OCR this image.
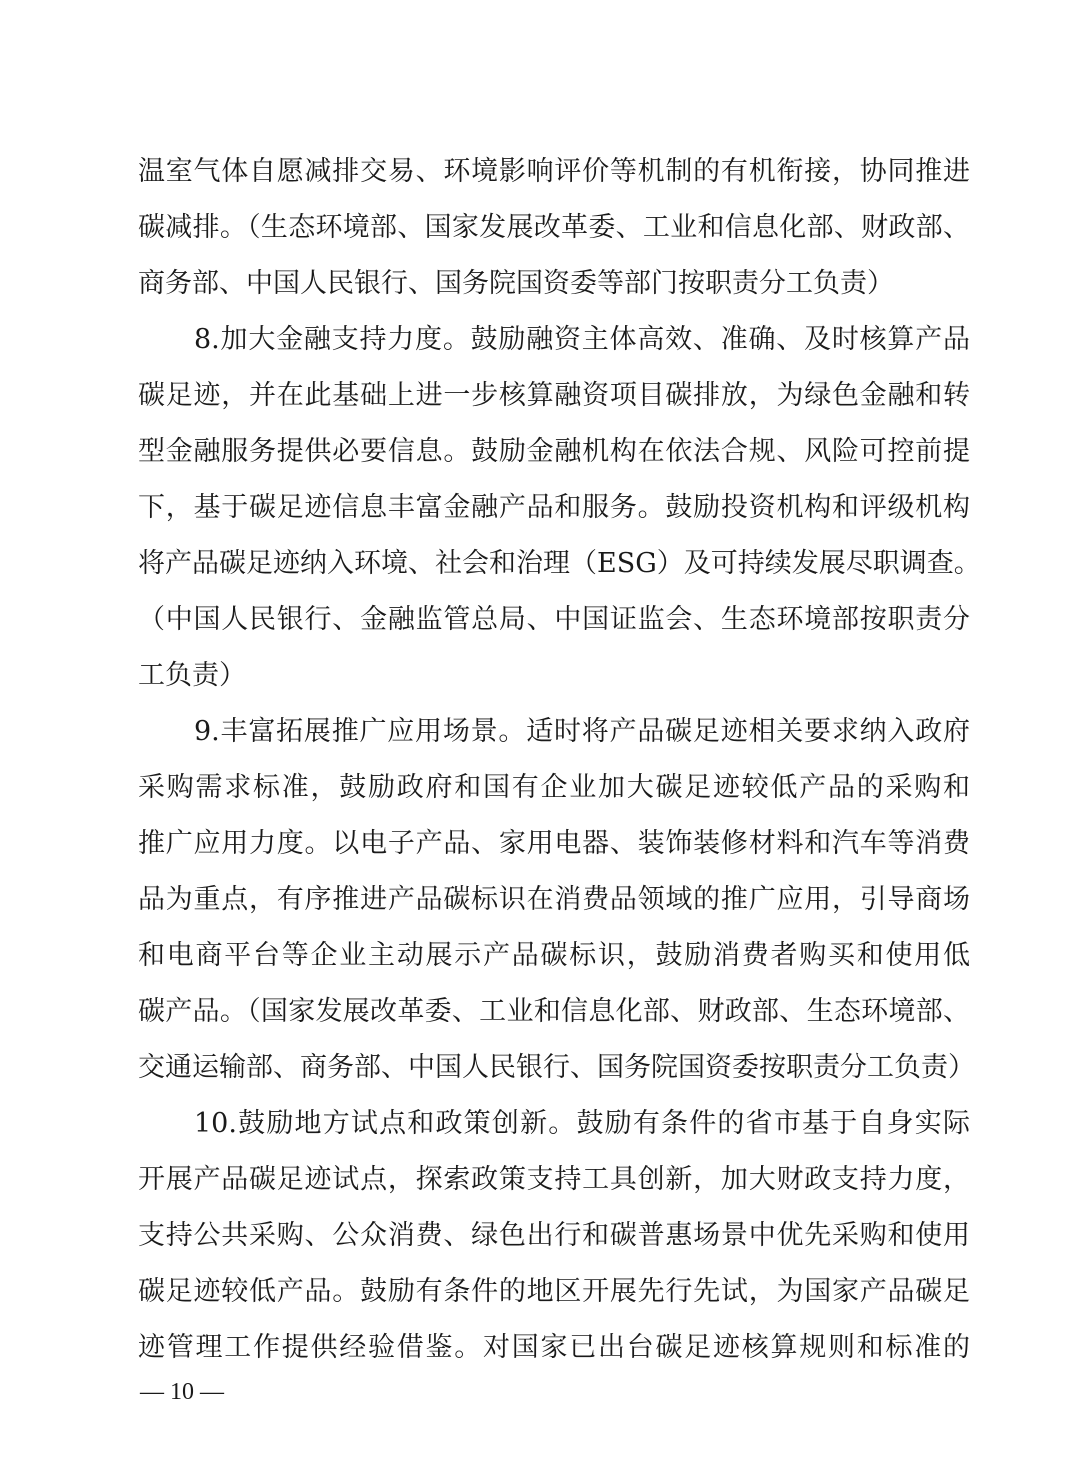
温室气体自愿减排交易、环境影响评价等机制的有机衔接，协同推进
碳减排。（生态环境部、国家发展改革委、工业和信息化部、财政部、
商务部、中国人民银行、国务院国资委等部门按职责分工负责）
8.加大金融支持力度。鼓励融资主体高效、准确、及时核算产品
碳足迹，并在此基础上进一步核算融资项目碳排放，为绿色金融和转
型金融服务提供必要信息。鼓励金融机构在依法合规、风险可控前提
下，基于碳足迹信息丰富金融产品和服务。鼓励投资机构和评级机构
将产品碳足迹纳入环境、社会和治理（ESG）及可持续发展尽职调查。
（中国人民银行、金融监管总局、中国证监会、生态环境部按职责分
工负责）
9.丰富拓展推广应用场景。适时将产品碳足迹相关要求纳入政府
采购需求标准，鼓励政府和国有企业加大碳足迹较低产品的采购和
推广应用力度。以电子产品、家用电器、装饰装修材料和汽车等消费
品为重点，有序推进产品碳标识在消费品领域的推广应用，引导商场
和电商平台等企业主动展示产品碳标识，鼓励消费者购买和使用低
碳产品。（国家发展改革委、工业和信息化部、财政部、生态环境部、
交通运输部、商务部、中国人民银行、国务院国资委按职责分工负责）
10.鼓励地方试点和政策创新。鼓励有条件的省市基于自身实际
开展产品碳足迹试点，探索政策支持工具创新，加大财政支持力度，
支持公共采购、公众消费、绿色出行和碳普惠场景中优先采购和使用
碳足迹较低产品。鼓励有条件的地区开展先行先试，为国家产品碳足
迹管理工作提供经验借鉴。对国家已出台碳足迹核算规则和标准的
— 10 —
